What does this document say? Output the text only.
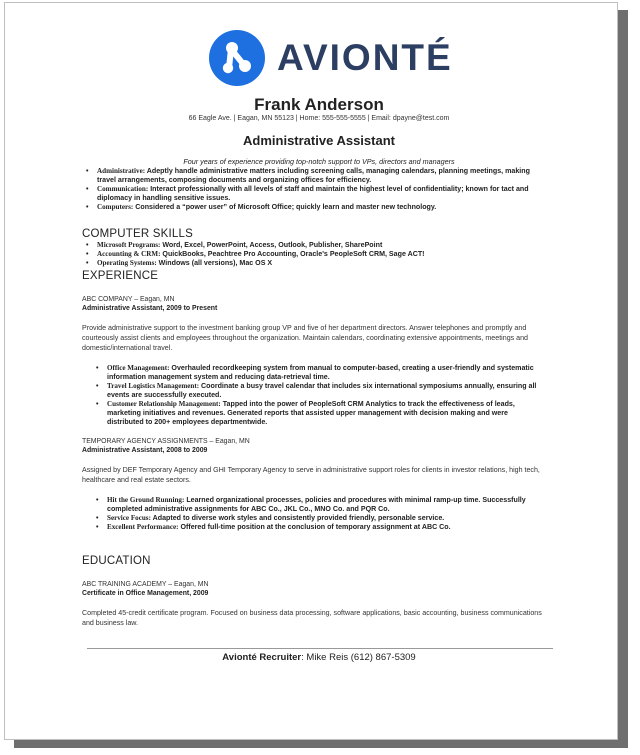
AVIONTÉ
Frank Anderson
66 Eagle Ave. | Eagan, MN 55123 | Home: 555-555-5555 | Email: dpayne@test.com
Administrative Assistant
Four years of experience providing top-notch support to VPs, directors and managers
• Administrative: Adeptly handle administrative matters including screening calls, managing calendars, planning meetings, making travel arrangements, composing documents and organizing offices for efficiency.
• Communication: Interact professionally with all levels of staff and maintain the highest level of confidentiality; known for tact and diplomacy in handling sensitive issues.
• Computers: Considered a “power user” of Microsoft Office; quickly learn and master new technology.
COMPUTER SKILLS
• Microsoft Programs: Word, Excel, PowerPoint, Access, Outlook, Publisher, SharePoint
• Accounting & CRM: QuickBooks, Peachtree Pro Accounting, Oracle's PeopleSoft CRM, Sage ACT!
• Operating Systems: Windows (all versions), Mac OS X
EXPERIENCE
ABC COMPANY – Eagan, MN
Administrative Assistant, 2009 to Present
Provide administrative support to the investment banking group VP and five of her department directors. Answer telephones and promptly and courteously assist clients and employees throughout the organization. Maintain calendars, coordinating extensive appointments, meetings and domestic/international travel.
• Office Management: Overhauled recordkeeping system from manual to computer-based, creating a user-friendly and systematic information management system and reducing data-retrieval time.
• Travel Logistics Management: Coordinate a busy travel calendar that includes six international symposiums annually, ensuring all events are successfully executed.
• Customer Relationship Management: Tapped into the power of PeopleSoft CRM Analytics to track the effectiveness of leads, marketing initiatives and revenues. Generated reports that assisted upper management with decision making and were distributed to 200+ employees departmentwide.
TEMPORARY AGENCY ASSIGNMENTS – Eagan, MN
Administrative Assistant, 2008 to 2009
Assigned by DEF Temporary Agency and GHI Temporary Agency to serve in administrative support roles for clients in investor relations, high tech, healthcare and real estate sectors.
• Hit the Ground Running: Learned organizational processes, policies and procedures with minimal ramp-up time. Successfully completed administrative assignments for ABC Co., JKL Co., MNO Co. and PQR Co.
• Service Focus: Adapted to diverse work styles and consistently provided friendly, personable service.
• Excellent Performance: Offered full-time position at the conclusion of temporary assignment at ABC Co.
EDUCATION
ABC TRAINING ACADEMY – Eagan, MN
Certificate in Office Management, 2009
Completed 45-credit certificate program. Focused on business data processing, software applications, basic accounting, business communications and business law.
Avionté Recruiter: Mike Reis (612) 867-5309
